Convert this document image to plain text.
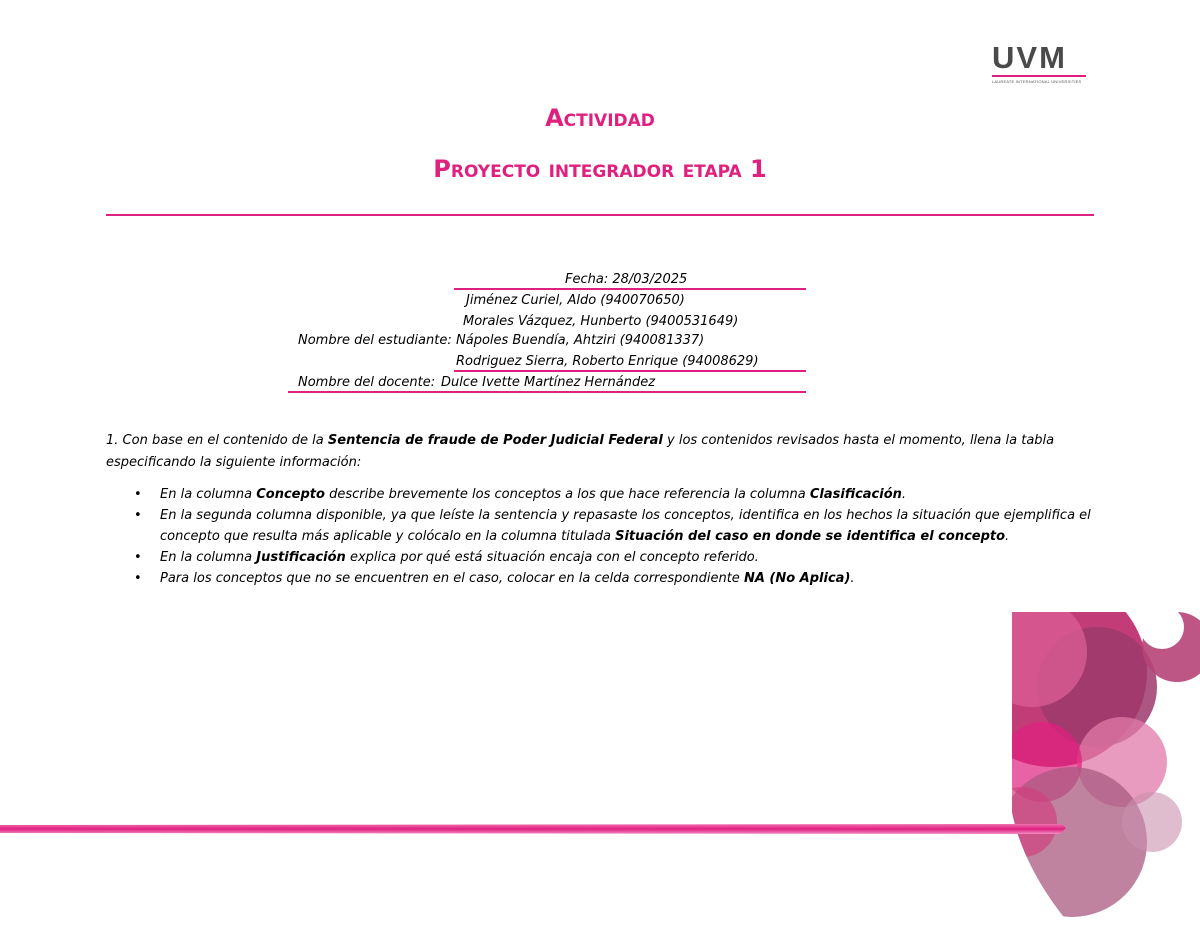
UVM
LAUREATE INTERNATIONAL UNIVERSITIES
Actividad
Proyecto integrador etapa 1
Fecha: 28/03/2025
Jiménez Curiel, Aldo (940070650)
Morales Vázquez, Hunberto (9400531649)
Nombre del estudiante: Nápoles Buendía, Ahtziri (940081337)
Rodriguez Sierra, Roberto Enrique (94008629)
Nombre del docente: Dulce Ivette Martínez Hernández

1. Con base en el contenido de la Sentencia de fraude de Poder Judicial Federal y los contenidos revisados hasta el momento, llena la tabla especificando la siguiente información:

• En la columna Concepto describe brevemente los conceptos a los que hace referencia la columna Clasificación.
• En la segunda columna disponible, ya que leíste la sentencia y repasaste los conceptos, identifica en los hechos la situación que ejemplifica el concepto que resulta más aplicable y colócalo en la columna titulada Situación del caso en donde se identifica el concepto.
• En la columna Justificación explica por qué está situación encaja con el concepto referido.
• Para los conceptos que no se encuentren en el caso, colocar en la celda correspondiente NA (No Aplica).
